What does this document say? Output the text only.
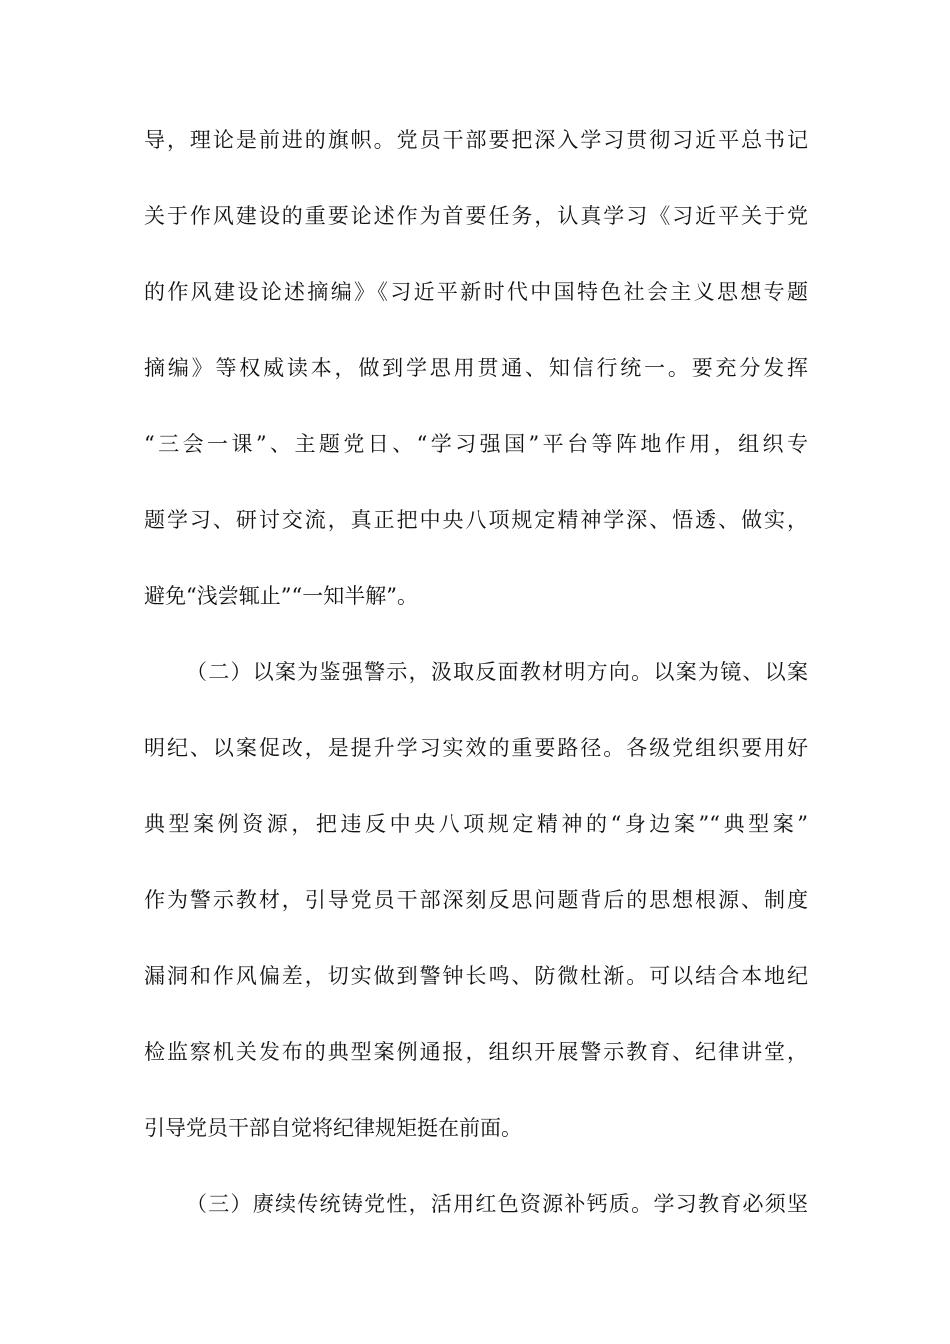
导，理论是前进的旗帜。党员干部要把深入学习贯彻习近平总书记
关于作风建设的重要论述作为首要任务，认真学习《习近平关于党
的作风建设论述摘编》《习近平新时代中国特色社会主义思想专题
摘编》等权威读本，做到学思用贯通、知信行统一。要充分发挥
“三会一课”、主题党日、“学习强国”平台等阵地作用，组织专
题学习、研讨交流，真正把中央八项规定精神学深、悟透、做实，
避免“浅尝辄止”“一知半解”。
（二）以案为鉴强警示，汲取反面教材明方向。以案为镜、以案
明纪、以案促改，是提升学习实效的重要路径。各级党组织要用好
典型案例资源，把违反中央八项规定精神的“身边案”“典型案”
作为警示教材，引导党员干部深刻反思问题背后的思想根源、制度
漏洞和作风偏差，切实做到警钟长鸣、防微杜渐。可以结合本地纪
检监察机关发布的典型案例通报，组织开展警示教育、纪律讲堂，
引导党员干部自觉将纪律规矩挺在前面。
（三）赓续传统铸党性，活用红色资源补钙质。学习教育必须坚
